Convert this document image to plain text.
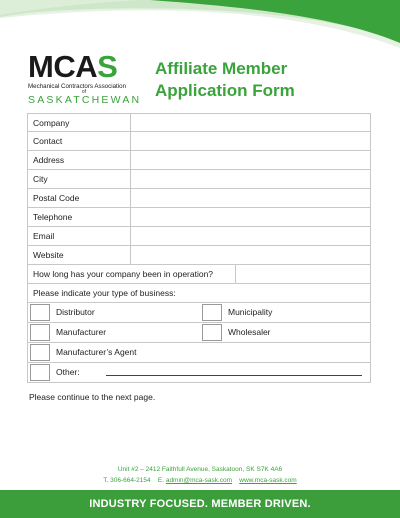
MCAS
Mechanical Contractors Association
of
SASKATCHEWAN
Affiliate Member
Application Form
Company
Contact
Address
City
Postal Code
Telephone
Email
Website
How long has your company been in operation?
Please indicate your type of business:
Distributor	Municipality
Manufacturer	Wholesaler
Manufacturer’s Agent
Other:
Please continue to the next page.
Unit #2 – 2412 Faithfull Avenue, Saskatoon, SK S7K 4A6
T. 306-664-2154 E. admin@mca-sask.com www.mca-sask.com
INDUSTRY FOCUSED. MEMBER DRIVEN.
